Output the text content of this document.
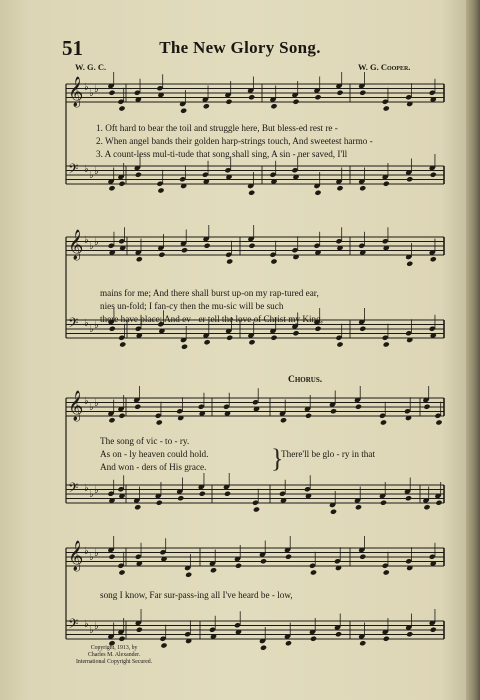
51	The New Glory Song.
W. G. C.	W. G. Cooper.
𝄞 ♭
♭ ♭
𝄢 ♭
♭ ♭
𝄞 ♭
♭ ♭
𝄢 ♭
♭ ♭
𝄞 ♭
♭ ♭
𝄢 ♭
♭ ♭
𝄞 ♭
♭ ♭
𝄢 ♭
♭ ♭
1. Oft hard to bear the toil and struggle here, But bless-ed rest re -
2. When angel bands their golden harp-strings touch, And sweetest harmo -
3. A count-less mul-ti-tude that song shall sing, A sin - ner saved, I'll
mains for me; And there shall burst up-on my rap-tured ear,
nies un-fold; I fan-cy then the mu-sic will be such
there have place; And ev - er tell the love of Christ my King,
Chorus.
The song of vic - to - ry.
As on - ly heaven could hold.
And won - ders of His grace. }
There'll be glo - ry in that
song I know, Far sur-pass-ing all I've heard be - low,
Copyright, 1913, by
Charles M. Alexander.
International Copyright Secured.
